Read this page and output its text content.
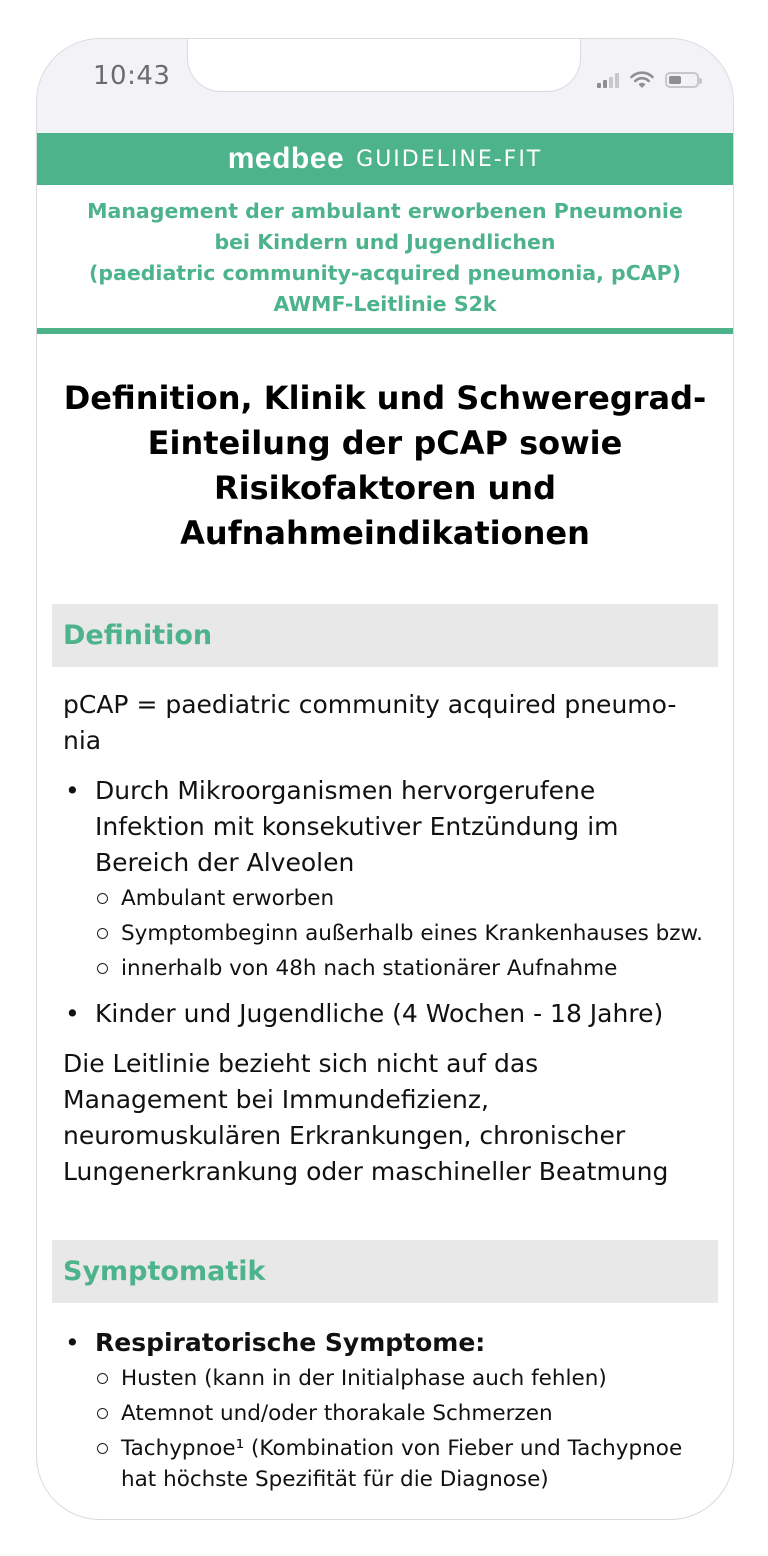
10:43
medbee GUIDELINE-FIT
Management der ambulant erworbenen Pneumonie
bei Kindern und Jugendlichen
(paediatric community-acquired pneumonia, pCAP)
AWMF-Leitlinie S2k
Definition, Klinik und Schweregrad-Einteilung der pCAP sowie Risikofaktoren und Aufnahmeindikationen
Definition
pCAP = paediatric community acquired pneumo-nia
• Durch Mikroorganismen hervorgerufene Infektion mit konsekutiver Entzündung im Bereich der Alveolen
Ambulant erworben
Symptombeginn außerhalb eines Krankenhauses bzw.
innerhalb von 48h nach stationärer Aufnahme
• Kinder und Jugendliche (4 Wochen - 18 Jahre)
Die Leitlinie bezieht sich nicht auf das Management bei Immundefizienz, neuromuskulären Erkrankungen, chronischer Lungenerkrankung oder maschineller Beatmung
Symptomatik
• Respiratorische Symptome:
Husten (kann in der Initialphase auch fehlen)
Atemnot und/oder thorakale Schmerzen
Tachypnoe¹ (Kombination von Fieber und Tachypnoe hat höchste Spezifität für die Diagnose)
